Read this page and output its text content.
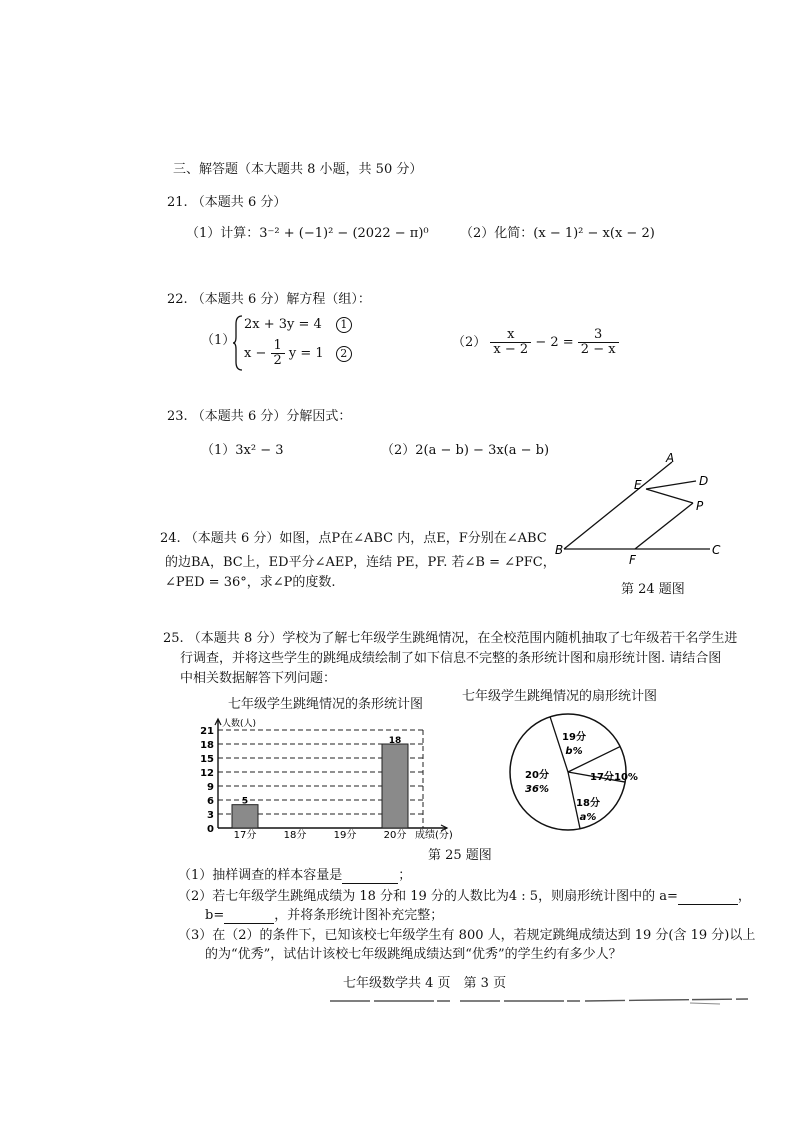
三、解答题（本大题共 8 小题，共 50 分）
21. （本题共 6 分）
（1）计算：3⁻² + (−1)² − (2022 − π)⁰ （2）化简：(x − 1)² − x(x − 2)
22. （本题共 6 分）解方程（组）：
（1）
2x + 3y = 4 1
$x - \frac{1}{2}$ y = 1 2
$(2) \frac{x}{x - 2} - 2 = \frac{3}{2 - x}$
23. （本题共 6 分）分解因式：
（1）3x² − 3	（2）2(a − b) − 3x(a − b)
24. （本题共 6 分）如图，点P在∠ABC 内，点E，F分别在∠ABC
的边BA，BC上，ED平分∠AEP，连结 PE，PF. 若∠B = ∠PFC，
∠PED = 36°，求∠P的度数.
A
D
E
P
B
F
C
第 24 题图
25. （本题共 8 分）学校为了解七年级学生跳绳情况，在全校范围内随机抽取了七年级若干名学生进
行调查，并将这些学生的跳绳成绩绘制了如下信息不完整的条形统计图和扇形统计图. 请结合图
中相关数据解答下列问题：
七年级学生跳绳情况的条形统计图
七年级学生跳绳情况的扇形统计图
0
3
6
9
12
15
18
21
人数(人)
成绩(分)
17分
5
18分	19分	20分
18	19分
b%
17分 10%
18分
a%
20分
36%
第 25 题图
（1）抽样调查的样本容量是	；
（2）若七年级学生跳绳成绩为 18 分和 19 分的人数比为4 : 5，则扇形统计图中的 a=	，
b=	，并将条形统计图补充完整；
（3）在（2）的条件下，已知该校七年级学生有 800 人，若规定跳绳成绩达到 19 分(含 19 分)以上
的为“优秀”，试估计该校七年级跳绳成绩达到“优秀”的学生约有多少人？
七年级数学共 4 页　第 3 页
